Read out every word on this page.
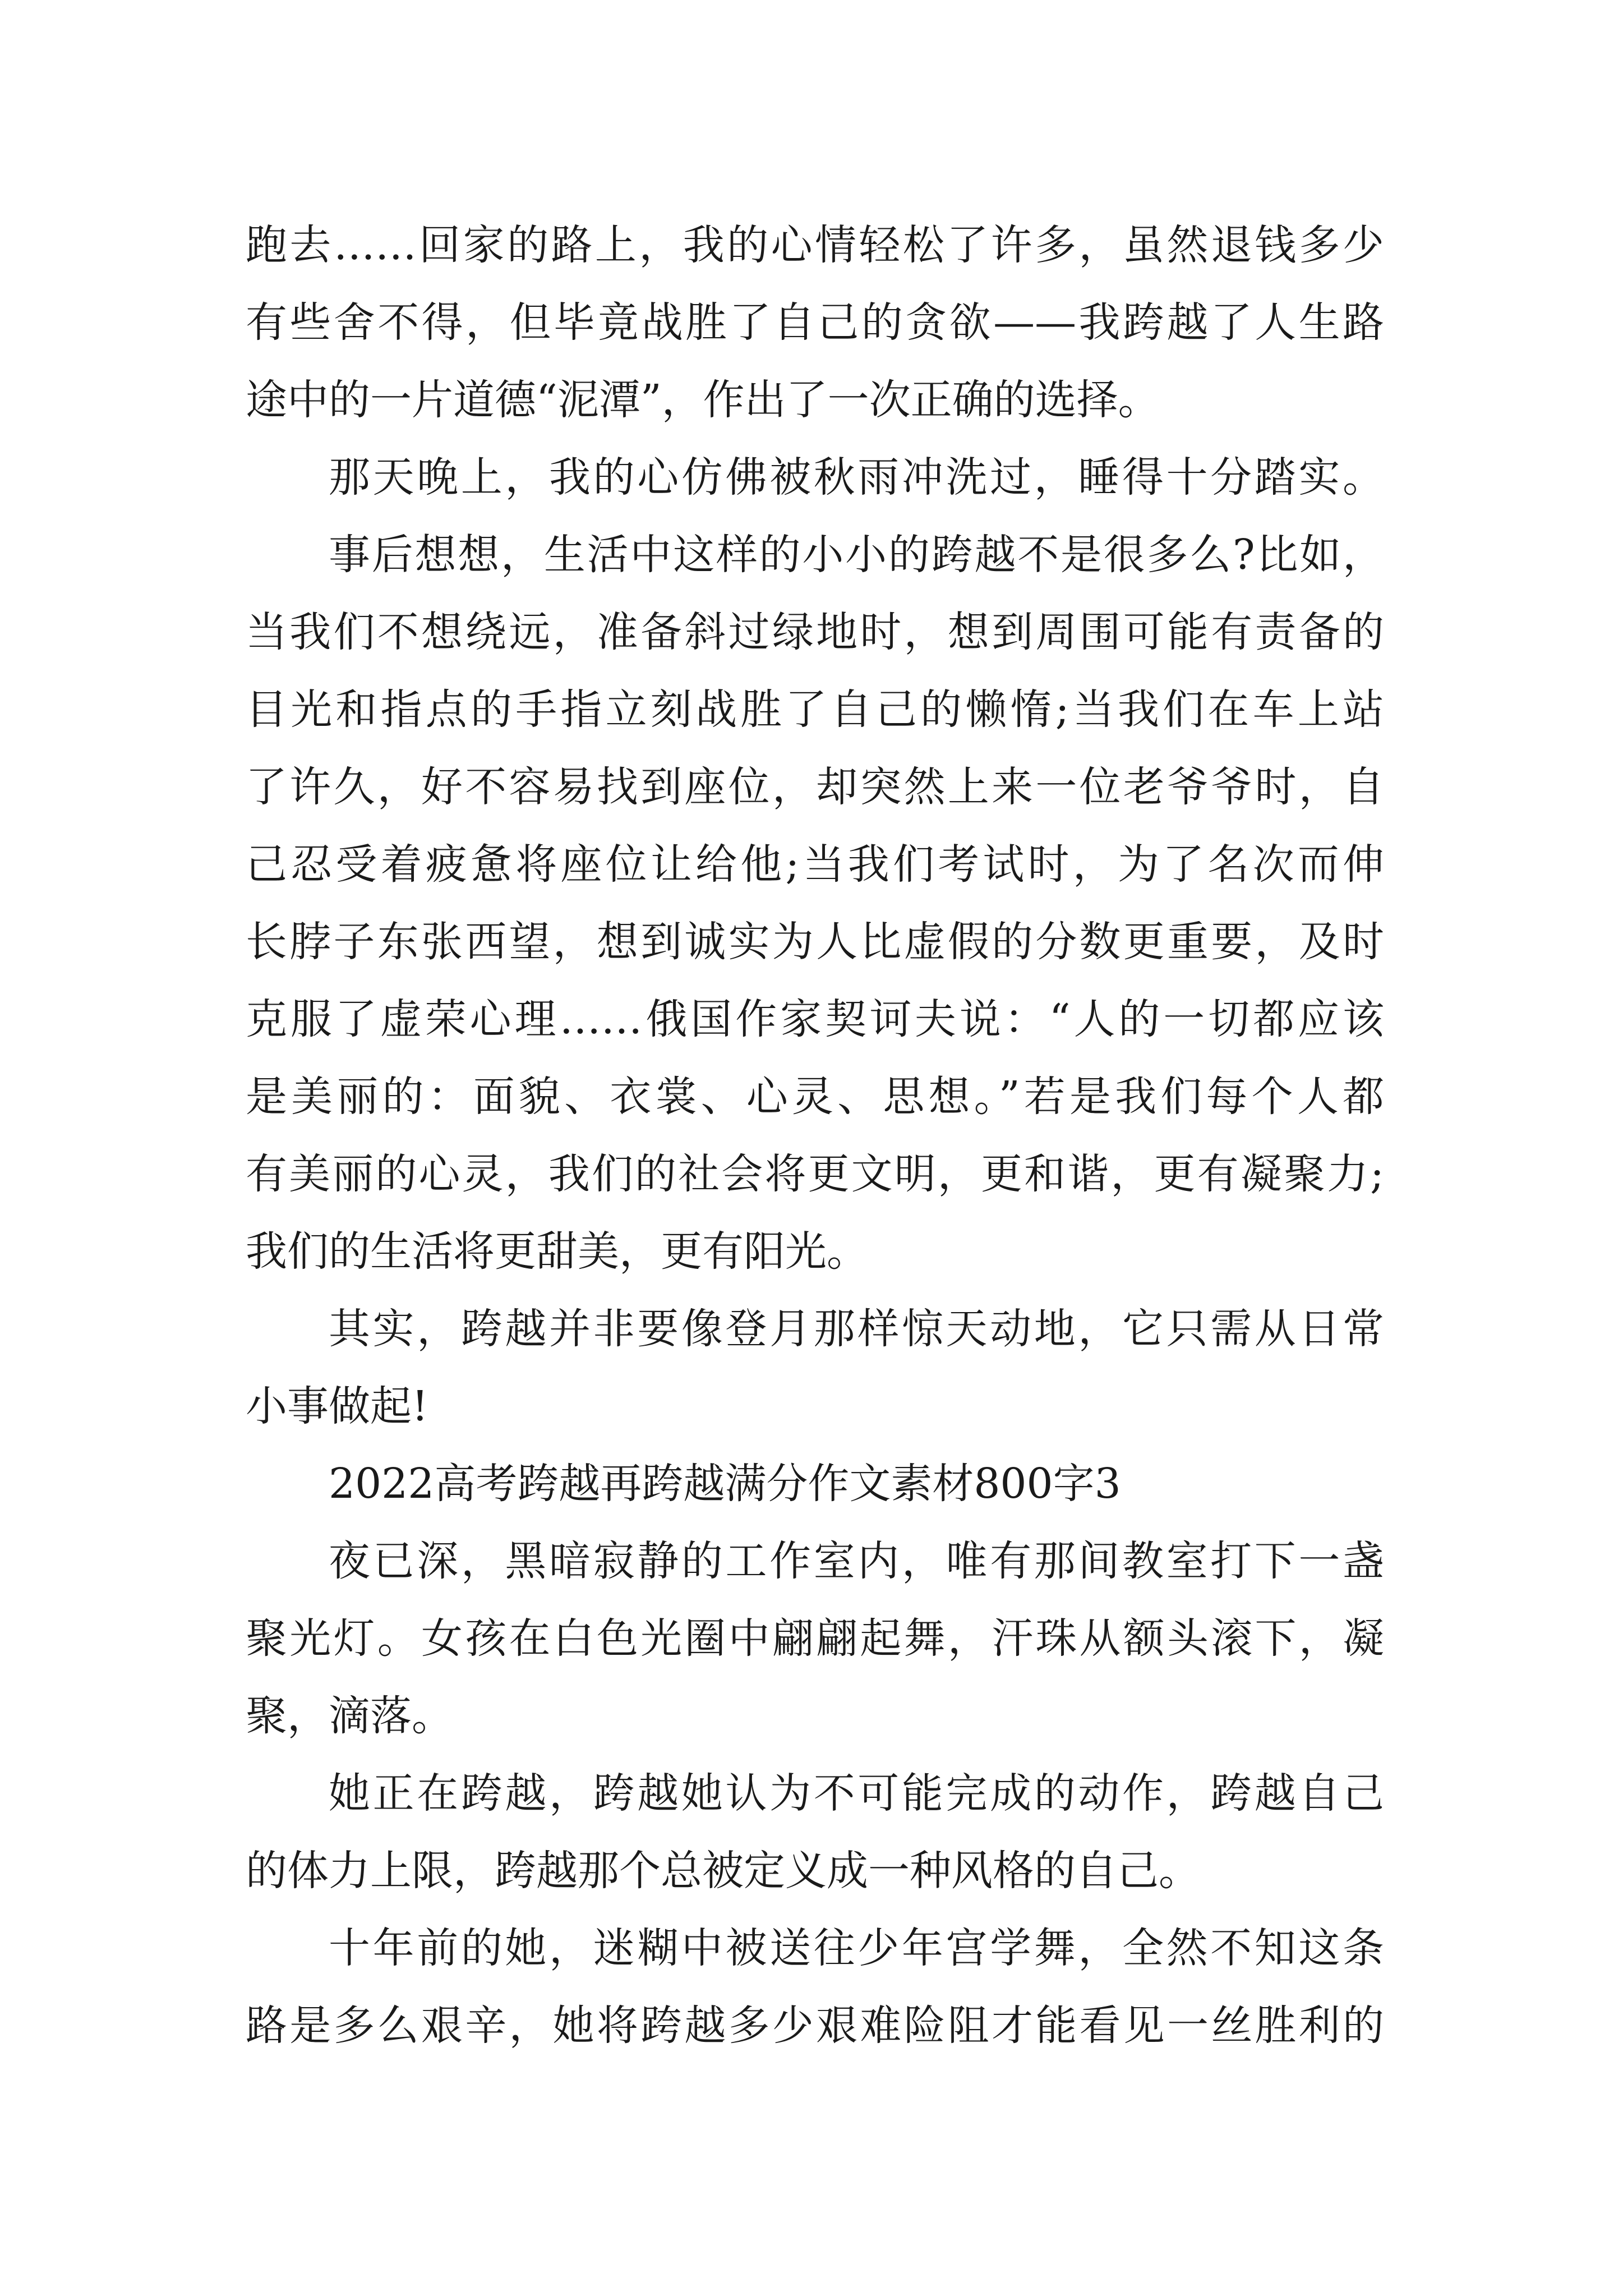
跑去……回家的路上，我的心情轻松了许多，虽然退钱多少

有些舍不得，但毕竟战胜了自己的贪欲——我跨越了人生路

途中的一片道德“泥潭”，作出了一次正确的选择。

那天晚上，我的心仿佛被秋雨冲洗过，睡得十分踏实。

事后想想，生活中这样的小小的跨越不是很多么?比如，

当我们不想绕远，准备斜过绿地时，想到周围可能有责备的

目光和指点的手指立刻战胜了自己的懒惰;当我们在车上站

了许久，好不容易找到座位，却突然上来一位老爷爷时，自

己忍受着疲惫将座位让给他;当我们考试时，为了名次而伸

长脖子东张西望，想到诚实为人比虚假的分数更重要，及时

克服了虚荣心理……俄国作家契诃夫说：“人的一切都应该

是美丽的：面貌、衣裳、心灵、思想。”若是我们每个人都

有美丽的心灵，我们的社会将更文明，更和谐，更有凝聚力;

我们的生活将更甜美，更有阳光。

其实，跨越并非要像登月那样惊天动地，它只需从日常

小事做起!

2022高考跨越再跨越满分作文素材800字3

夜已深，黑暗寂静的工作室内，唯有那间教室打下一盏

聚光灯。女孩在白色光圈中翩翩起舞，汗珠从额头滚下，凝

聚，滴落。

她正在跨越，跨越她认为不可能完成的动作，跨越自己

的体力上限，跨越那个总被定义成一种风格的自己。

十年前的她，迷糊中被送往少年宫学舞，全然不知这条

路是多么艰辛，她将跨越多少艰难险阻才能看见一丝胜利的
